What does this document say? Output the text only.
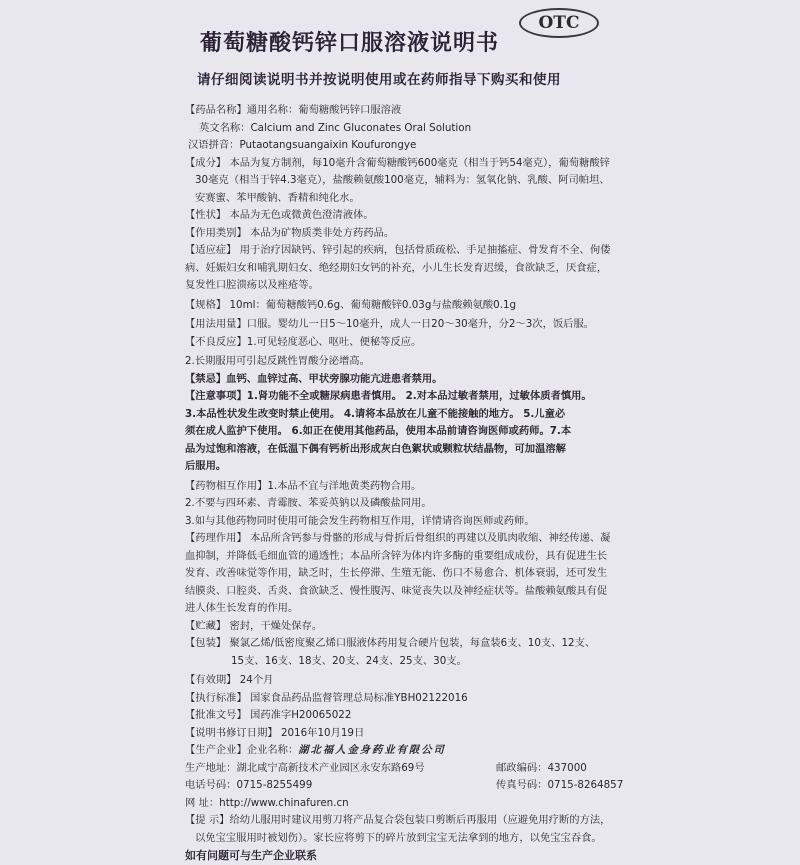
OTC
葡萄糖酸钙锌口服溶液说明书
请仔细阅读说明书并按说明使用或在药师指导下购买和使用
【药品名称】通用名称：葡萄糖酸钙锌口服溶液
英文名称：Calcium and Zinc Gluconates Oral Solution
汉语拼音：Putaotangsuangaixin Koufurongye
【成分】 本品为复方制剂，每10毫升含葡萄糖酸钙600毫克（相当于钙54毫克），葡萄糖酸锌
30毫克（相当于锌4.3毫克），盐酸赖氨酸100毫克，辅料为：氢氧化钠、乳酸、阿司帕坦、
安赛蜜、苯甲酸钠、香精和纯化水。
【性状】 本品为无色或微黄色澄清液体。
【作用类别】 本品为矿物质类非处方药药品。
【适应症】 用于治疗因缺钙、锌引起的疾病，包括骨质疏松、手足抽搐症、骨发育不全、佝偻
病、妊娠妇女和哺乳期妇女、绝经期妇女钙的补充，小儿生长发育迟缓，食欲缺乏，厌食症，
复发性口腔溃疡以及痤疮等。
【规格】 10ml：葡萄糖酸钙0.6g、葡萄糖酸锌0.03g与盐酸赖氨酸0.1g
【用法用量】口服。婴幼儿一日5～10毫升，成人一日20～30毫升，分2～3次，饭后服。
【不良反应】1.可见轻度恶心、呕吐、便秘等反应。
2.长期服用可引起反跳性胃酸分泌增高。
【禁忌】血钙、血锌过高、甲状旁腺功能亢进患者禁用。
【注意事项】1.肾功能不全或糖尿病患者慎用。 2.对本品过敏者禁用，过敏体质者慎用。
3.本品性状发生改变时禁止使用。 4.请将本品放在儿童不能接触的地方。 5.儿童必
须在成人监护下使用。 6.如正在使用其他药品，使用本品前请咨询医师或药师。7.本
品为过饱和溶液，在低温下偶有钙析出形成灰白色絮状或颗粒状结晶物，可加温溶解
后服用。
【药物相互作用】1.本品不宜与洋地黄类药物合用。
2.不要与四环素、青霉胺、苯妥英钠以及磷酸盐同用。
3.如与其他药物同时使用可能会发生药物相互作用，详情请咨询医师或药师。
【药理作用】 本品所含钙参与骨骼的形成与骨折后骨组织的再建以及肌肉收缩、神经传递、凝
血抑制，并降低毛细血管的通透性；本品所含锌为体内许多酶的重要组成成份，具有促进生长
发育、改善味觉等作用，缺乏时，生长停滞、生殖无能、伤口不易愈合、机体衰弱，还可发生
结膜炎、口腔炎、舌炎、食欲缺乏、慢性腹泻、味觉丧失以及神经症状等。盐酸赖氨酸具有促
进人体生长发育的作用。
【贮藏】 密封，干燥处保存。
【包装】 聚氯乙烯/低密度聚乙烯口服液体药用复合硬片包装，每盒装6支、10支、12支、
15支、16支、18支、20支、24支、25支、30支。
【有效期】 24个月
【执行标准】 国家食品药品监督管理总局标准YBH02122016
【批准文号】 国药准字H20065022
【说明书修订日期】 2016年10月19日
【生产企业】企业名称：湖北福人金身药业有限公司
生产地址：湖北咸宁高新技术产业园区永安东路69号	邮政编码：437000
电话号码：0715-8255499	传真号码：0715-8264857
网 址：http://www.chinafuren.cn
【提 示】给幼儿服用时建议用剪刀将产品复合袋包装口剪断后再服用（应避免用疗断的方法，
以免宝宝服用时被划伤）。家长应将剪下的碎片放到宝宝无法拿到的地方，以免宝宝吞食。
如有问题可与生产企业联系
